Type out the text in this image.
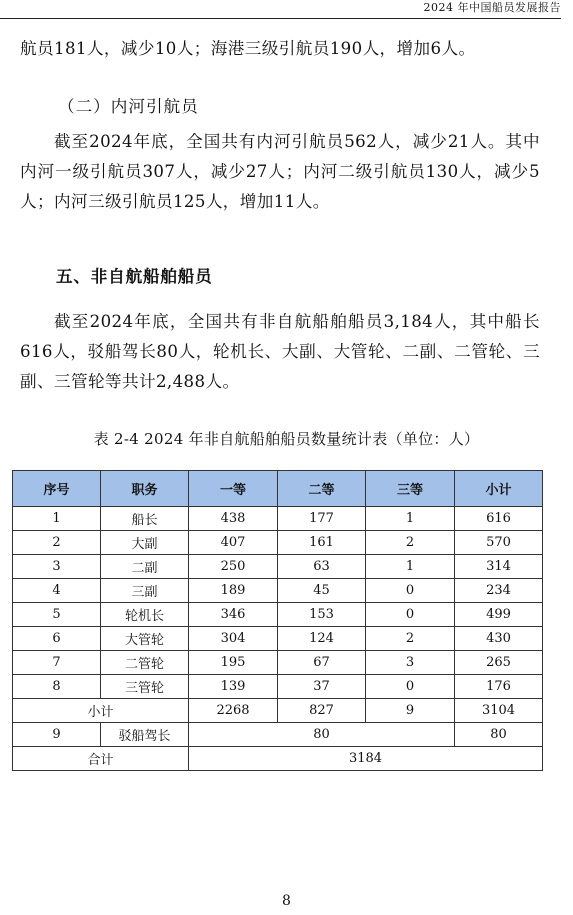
2024 年中国船员发展报告

航员181人，减少10人；海港三级引航员190人，增加6人。

（二）内河引航员

截至2024年底，全国共有内河引航员562人，减少21人。其中内河一级引航员307人，减少27人；内河二级引航员130人，减少5人；内河三级引航员125人，增加11人。

五、非自航船舶船员

截至2024年底，全国共有非自航船舶船员3,184人，其中船长616人，驳船驾长80人，轮机长、大副、大管轮、二副、二管轮、三副、三管轮等共计2,488人。

表 2-4 2024 年非自航船舶船员数量统计表（单位：人）
序号	职务	一等	二等	三等	小计
1	船长	438	177	1	616
2	大副	407	161	2	570
3	二副	250	63	1	314
4	三副	189	45	0	234
5	轮机长	346	153	0	499
6	大管轮	304	124	2	430
7	二管轮	195	67	3	265
8	三管轮	139	37	0	176
小计		2268	827	9	3104
9	驳船驾长	80			80
合计		3184			
8
